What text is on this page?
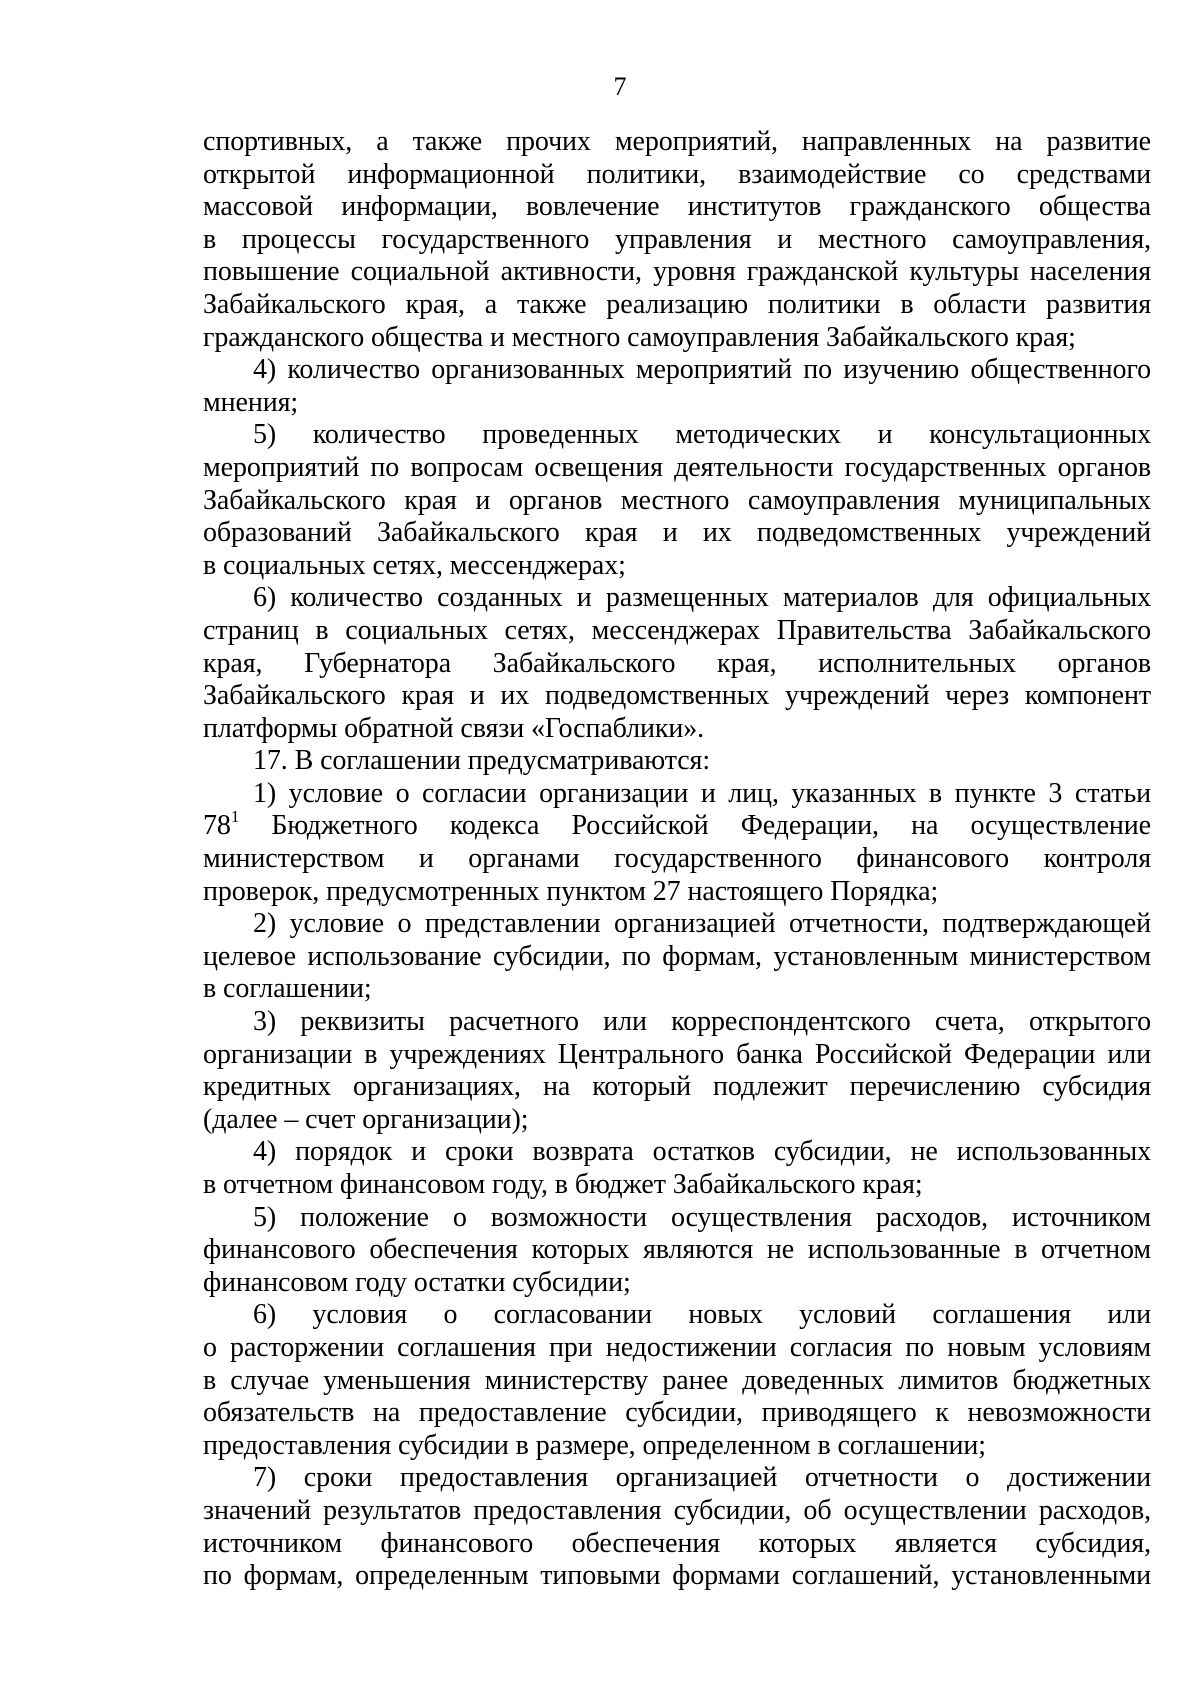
7
спортивных, а также прочих мероприятий, направленных на развитие
открытой информационной политики, взаимодействие со средствами
массовой информации, вовлечение институтов гражданского общества
в процессы государственного управления и местного самоуправления,
повышение социальной активности, уровня гражданской культуры населения
Забайкальского края, а также реализацию политики в области развития
гражданского общества и местного самоуправления Забайкальского края;
4) количество организованных мероприятий по изучению общественного
мнения;
5) количество проведенных методических и консультационных
мероприятий по вопросам освещения деятельности государственных органов
Забайкальского края и органов местного самоуправления муниципальных
образований Забайкальского края и их подведомственных учреждений
в социальных сетях, мессенджерах;
6) количество созданных и размещенных материалов для официальных
страниц в социальных сетях, мессенджерах Правительства Забайкальского
края, Губернатора Забайкальского края, исполнительных органов
Забайкальского края и их подведомственных учреждений через компонент
платформы обратной связи «Госпаблики».
17. В соглашении предусматриваются:
1) условие о согласии организации и лиц, указанных в пункте 3 статьи
$78^1$ Бюджетного кодекса Российской Федерации, на осуществление
министерством и органами государственного финансового контроля
проверок, предусмотренных пунктом 27 настоящего Порядка;
2) условие о представлении организацией отчетности, подтверждающей
целевое использование субсидии, по формам, установленным министерством
в соглашении;
3) реквизиты расчетного или корреспондентского счета, открытого
организации в учреждениях Центрального банка Российской Федерации или
кредитных организациях, на который подлежит перечислению субсидия
(далее – счет организации);
4) порядок и сроки возврата остатков субсидии, не использованных
в отчетном финансовом году, в бюджет Забайкальского края;
5) положение о возможности осуществления расходов, источником
финансового обеспечения которых являются не использованные в отчетном
финансовом году остатки субсидии;
6) условия о согласовании новых условий соглашения или
о расторжении соглашения при недостижении согласия по новым условиям
в случае уменьшения министерству ранее доведенных лимитов бюджетных
обязательств на предоставление субсидии, приводящего к невозможности
предоставления субсидии в размере, определенном в соглашении;
7) сроки предоставления организацией отчетности о достижении
значений результатов предоставления субсидии, об осуществлении расходов,
источником финансового обеспечения которых является субсидия,
по формам, определенным типовыми формами соглашений, установленными
